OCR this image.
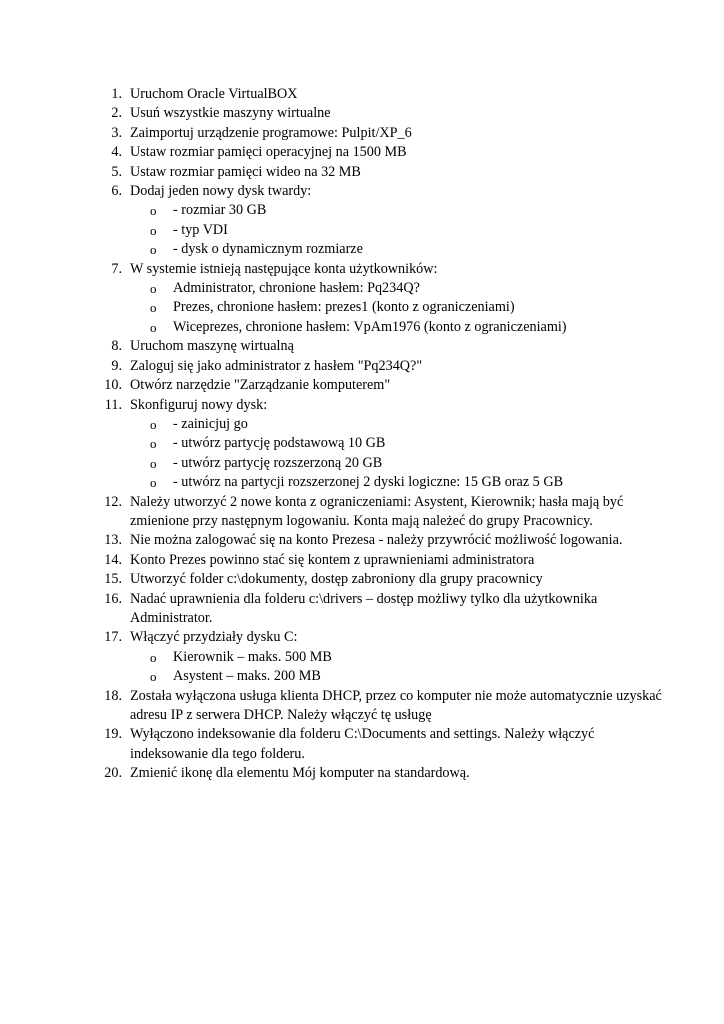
1. Uruchom Oracle VirtualBOX
2. Usuń wszystkie maszyny wirtualne
3. Zaimportuj urządzenie programowe: Pulpit/XP_6
4. Ustaw rozmiar pamięci operacyjnej na 1500 MB
5. Ustaw rozmiar pamięci wideo na 32 MB
6. Dodaj jeden nowy dysk twardy:
o - rozmiar 30 GB
o - typ VDI
o - dysk o dynamicznym rozmiarze
7. W systemie istnieją następujące konta użytkowników:
o Administrator, chronione hasłem: Pq234Q?
o Prezes, chronione hasłem: prezes1 (konto z ograniczeniami)
o Wiceprezes, chronione hasłem: VpAm1976 (konto z ograniczeniami)
8. Uruchom maszynę wirtualną
9. Zaloguj się jako administrator z hasłem "Pq234Q?"
10. Otwórz narzędzie "Zarządzanie komputerem"
11. Skonfiguruj nowy dysk:
o - zainicjuj go
o - utwórz partycję podstawową 10 GB
o - utwórz partycję rozszerzoną 20 GB
o - utwórz na partycji rozszerzonej 2 dyski logiczne: 15 GB oraz 5 GB
12. Należy utworzyć 2 nowe konta z ograniczeniami: Asystent, Kierownik; hasła mają być zmienione przy następnym logowaniu. Konta mają należeć do grupy Pracownicy.
13. Nie można zalogować się na konto Prezesa - należy przywrócić możliwość logowania.
14. Konto Prezes powinno stać się kontem z uprawnieniami administratora
15. Utworzyć folder c:\dokumenty, dostęp zabroniony dla grupy pracownicy
16. Nadać uprawnienia dla folderu c:\drivers – dostęp możliwy tylko dla użytkownika Administrator.
17. Włączyć przydziały dysku C:
o Kierownik – maks. 500 MB
o Asystent – maks. 200 MB
18. Została wyłączona usługa klienta DHCP, przez co komputer nie może automatycznie uzyskać adresu IP z serwera DHCP. Należy włączyć tę usługę
19. Wyłączono indeksowanie dla folderu C:\Documents and settings. Należy włączyć indeksowanie dla tego folderu.
20. Zmienić ikonę dla elementu Mój komputer na standardową.
